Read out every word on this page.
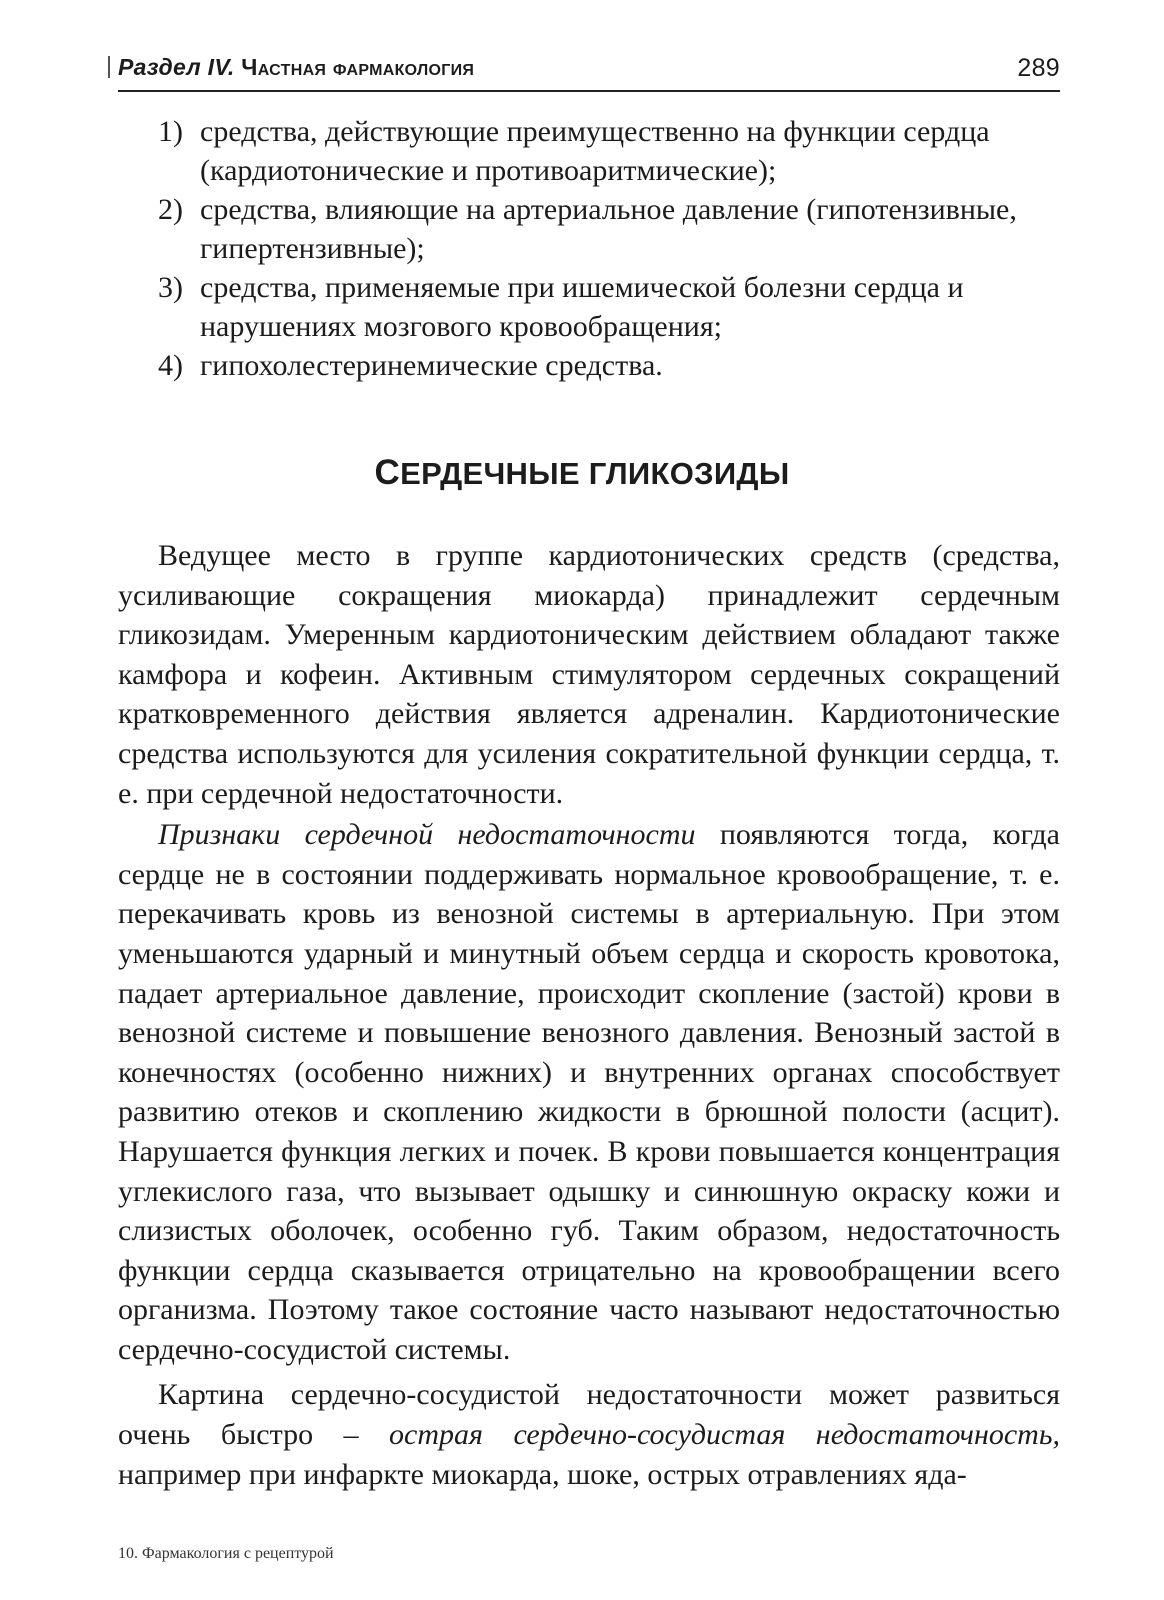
Раздел IV. Частная фармакология	289
1) средства, действующие преимущественно на функции сердца (кардиотонические и противоаритмические);
2) средства, влияющие на артериальное давление (гипотензивные, гипертензивные);
3) средства, применяемые при ишемической болезни сердца и нарушениях мозгового кровообращения;
4) гипохолестеринемические средства.
СЕРДЕЧНЫЕ ГЛИКОЗИДЫ

Ведущее место в группе кардиотонических средств (средства, усиливающие сокращения миокарда) принадлежит сердечным гликозидам. Умеренным кардиотоническим действием обладают также камфора и кофеин. Активным стимулятором сердечных сокращений кратковременного действия является адреналин. Кардиотонические средства используются для усиления сократительной функции сердца, т. е. при сердечной недостаточности.

Признаки сердечной недостаточности появляются тогда, когда сердце не в состоянии поддерживать нормальное кровообращение, т. е. перекачивать кровь из венозной системы в артериальную. При этом уменьшаются ударный и минутный объем сердца и скорость кровотока, падает артериальное давление, происходит скопление (застой) крови в венозной системе и повышение венозного давления. Венозный застой в конечностях (особенно нижних) и внутренних органах способствует развитию отеков и скоплению жидкости в брюшной полости (асцит). Нарушается функция легких и почек. В крови повышается концентрация углекислого газа, что вызывает одышку и синюшную окраску кожи и слизистых оболочек, особенно губ. Таким образом, недостаточность функции сердца сказывается отрицательно на кровообращении всего организма. Поэтому такое состояние часто называют недостаточностью сердечно-сосудистой системы.

Картина сердечно-сосудистой недостаточности может развиться очень быстро – острая сердечно-сосудистая недостаточность, например при инфаркте миокарда, шоке, острых отравлениях яда-

10. Фармакология с рецептурой
